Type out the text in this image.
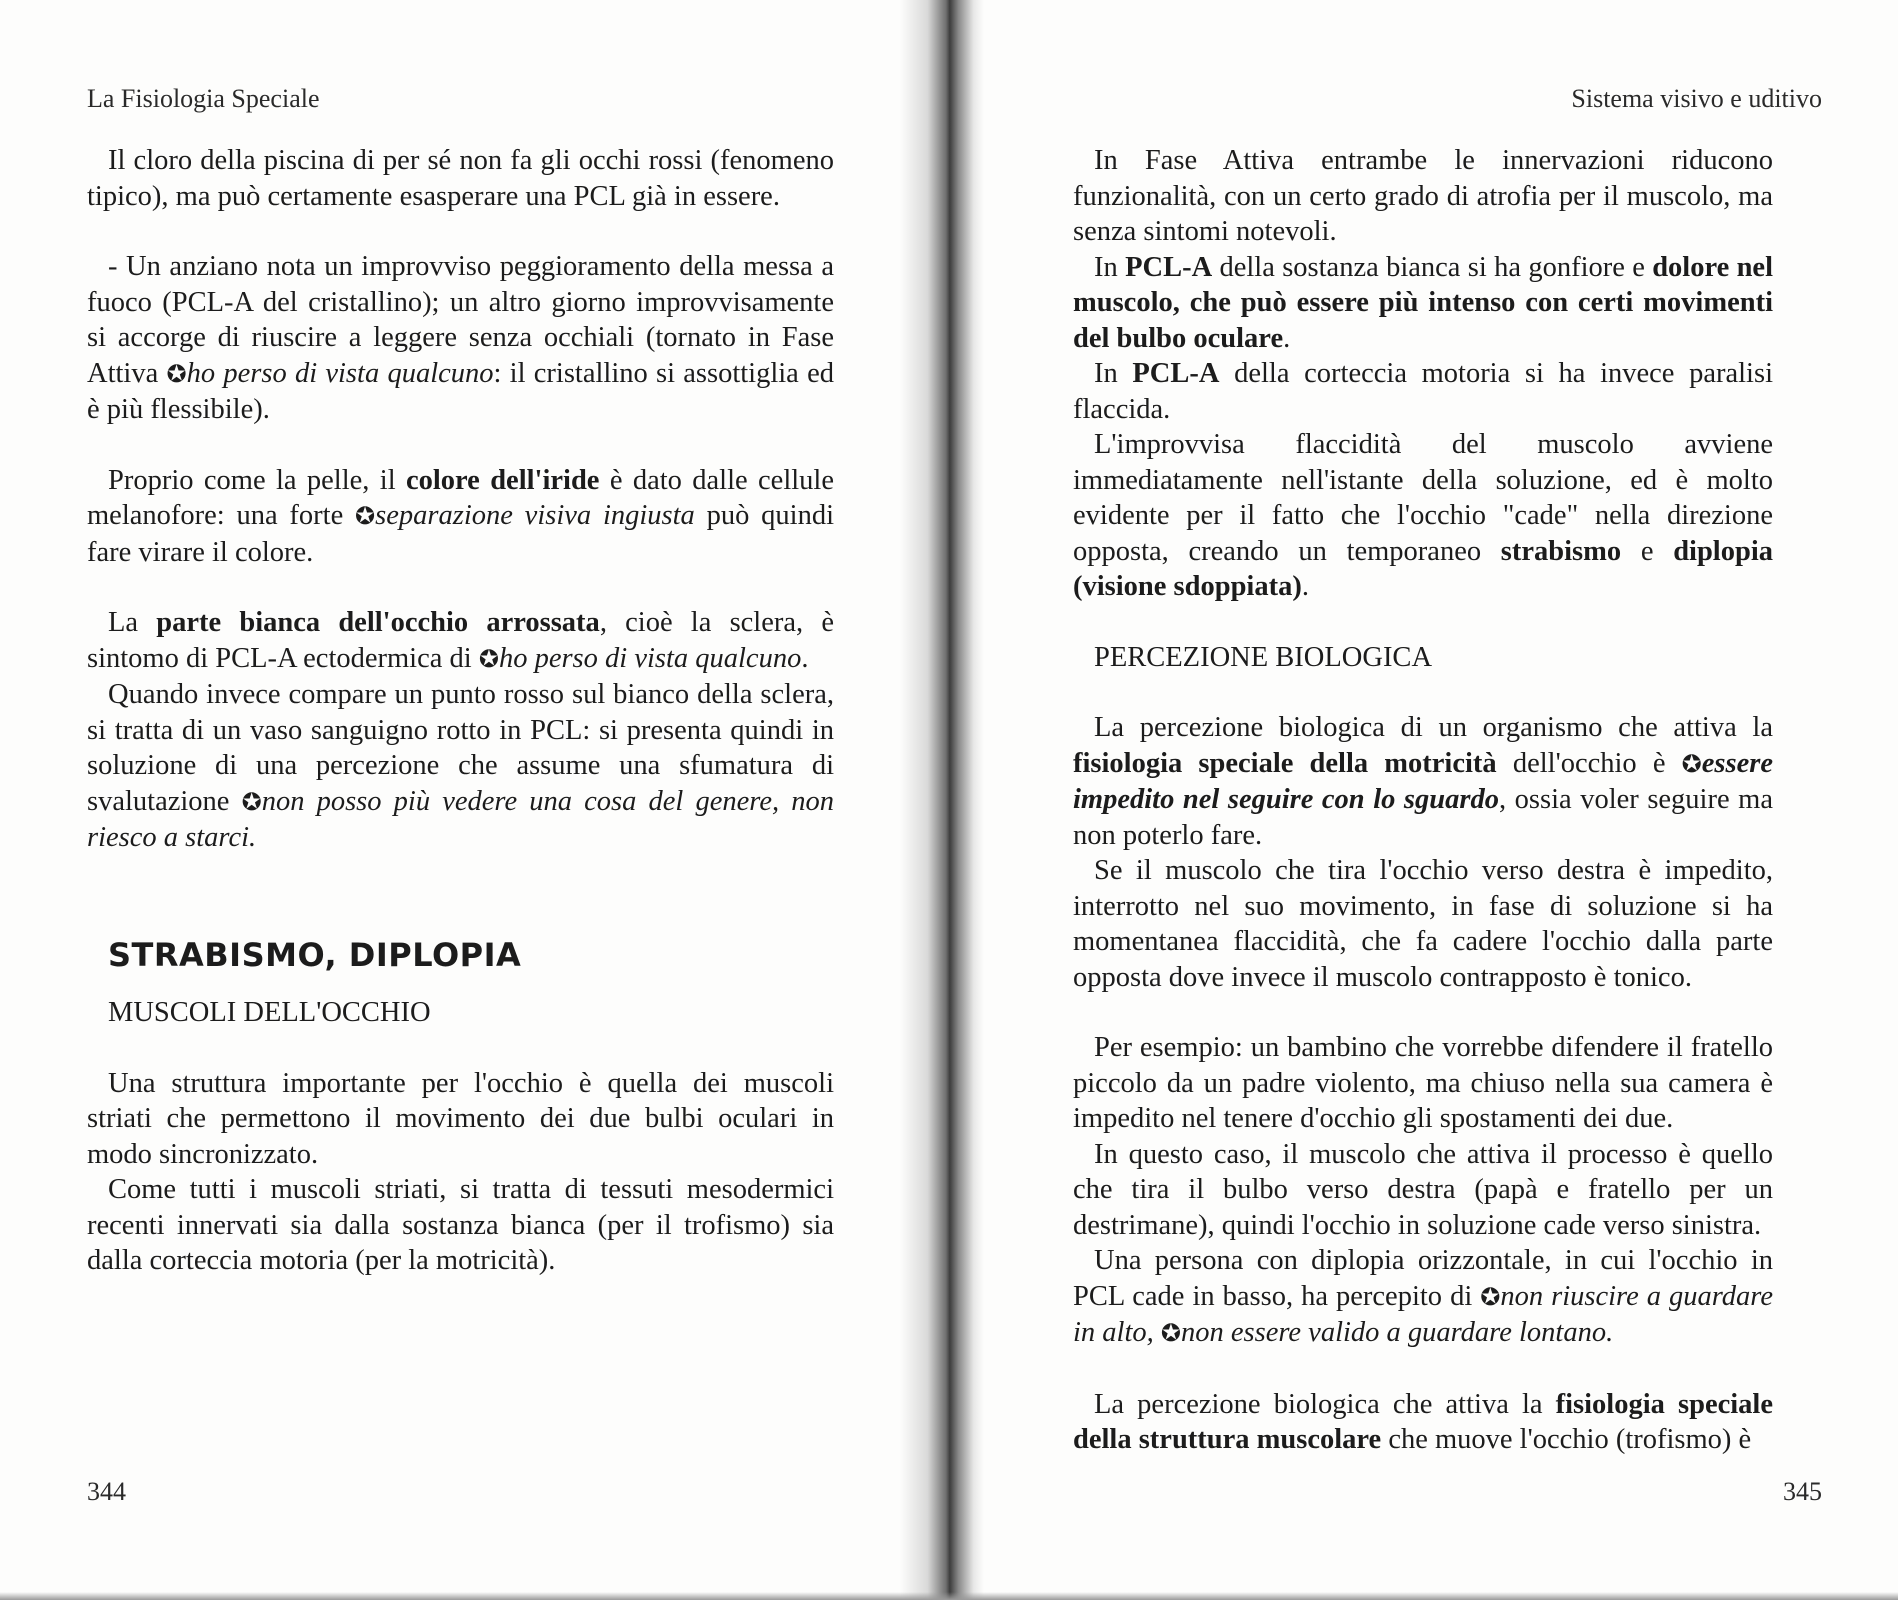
La Fisiologia Speciale

Il cloro della piscina di per sé non fa gli occhi rossi (fenomeno tipico), ma può certamente esasperare una PCL già in essere.

- Un anziano nota un improvviso peggioramento della messa a fuoco (PCL-A del cristallino); un altro giorno improvvisamente si accorge di riuscire a leggere senza occhiali (tornato in Fase Attiva ✪ho perso di vista qualcuno: il cristallino si assottiglia ed è più flessibile).

Proprio come la pelle, il colore dell'iride è dato dalle cellule melanofore: una forte ✪separazione visiva ingiusta può quindi fare virare il colore.

La parte bianca dell'occhio arrossata, cioè la sclera, è sintomo di PCL-A ectodermica di ✪ho perso di vista qualcuno.

Quando invece compare un punto rosso sul bianco della sclera, si tratta di un vaso sanguigno rotto in PCL: si presenta quindi in soluzione di una percezione che assume una sfumatura di svalutazione ✪non posso più vedere una cosa del genere, non riesco a starci.

STRABISMO, DIPLOPIA

MUSCOLI DELL'OCCHIO

Una struttura importante per l'occhio è quella dei muscoli striati che permettono il movimento dei due bulbi oculari in modo sincronizzato.

Come tutti i muscoli striati, si tratta di tessuti mesodermici recenti innervati sia dalla sostanza bianca (per il trofismo) sia dalla corteccia motoria (per la motricità).

344
Sistema visivo e uditivo

In Fase Attiva entrambe le innervazioni riducono funzionalità, con un certo grado di atrofia per il muscolo, ma senza sintomi notevoli.

In PCL-A della sostanza bianca si ha gonfiore e dolore nel muscolo, che può essere più intenso con certi movimenti del bulbo oculare.

In PCL-A della corteccia motoria si ha invece paralisi flaccida.

L'improvvisa flaccidità del muscolo avviene immediatamente nell'istante della soluzione, ed è molto evidente per il fatto che l'occhio "cade" nella direzione opposta, creando un temporaneo strabismo e diplopia (visione sdoppiata).

PERCEZIONE BIOLOGICA

La percezione biologica di un organismo che attiva la fisiologia speciale della motricità dell'occhio è ✪essere impedito nel seguire con lo sguardo, ossia voler seguire ma non poterlo fare.

Se il muscolo che tira l'occhio verso destra è impedito, interrotto nel suo movimento, in fase di soluzione si ha momentanea flaccidità, che fa cadere l'occhio dalla parte opposta dove invece il muscolo contrapposto è tonico.

Per esempio: un bambino che vorrebbe difendere il fratello piccolo da un padre violento, ma chiuso nella sua camera è impedito nel tenere d'occhio gli spostamenti dei due.

In questo caso, il muscolo che attiva il processo è quello che tira il bulbo verso destra (papà e fratello per un destrimane), quindi l'occhio in soluzione cade verso sinistra.

Una persona con diplopia orizzontale, in cui l'occhio in PCL cade in basso, ha percepito di ✪non riuscire a guardare in alto, ✪non essere valido a guardare lontano.

La percezione biologica che attiva la fisiologia speciale della struttura muscolare che muove l'occhio (trofismo) è

345
